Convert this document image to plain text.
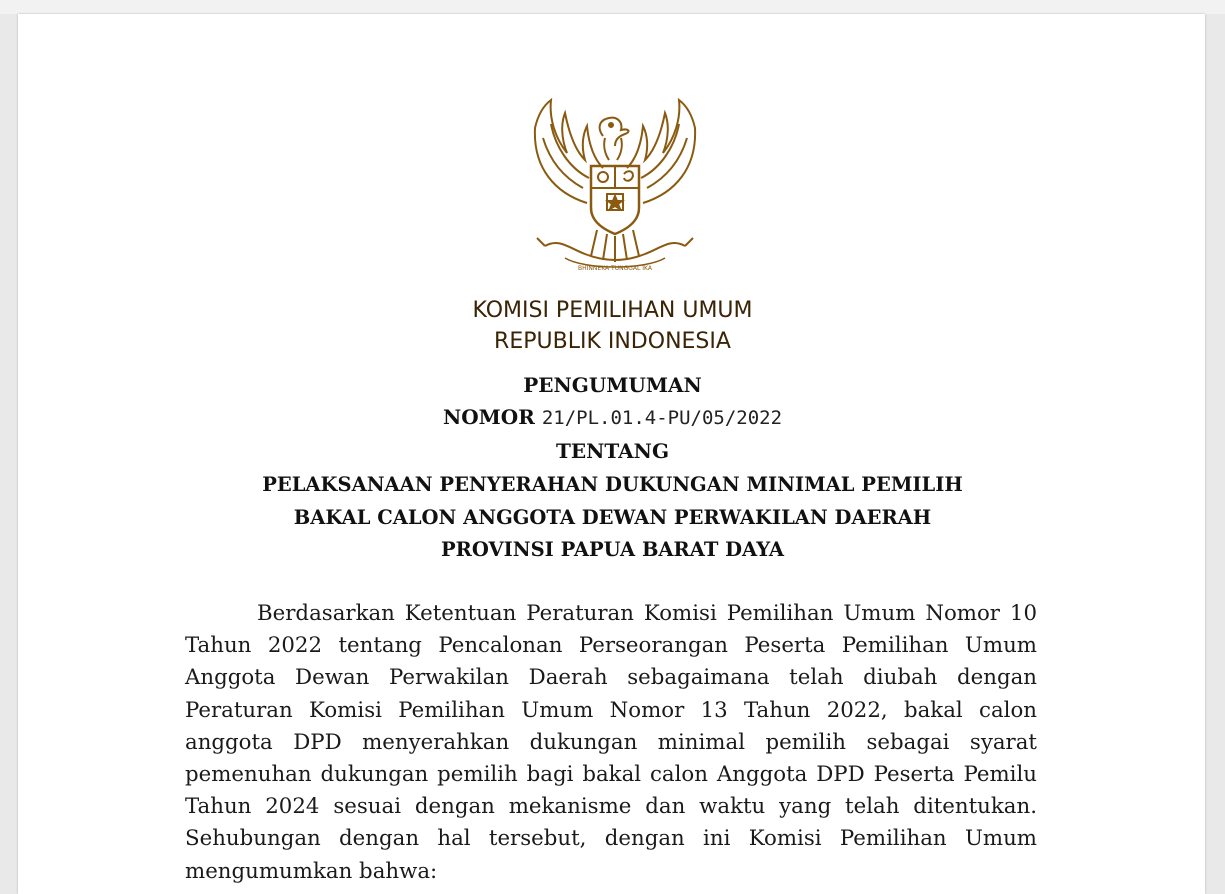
BHINNEKA TUNGGAL IKA
KOMISI PEMILIHAN UMUM
REPUBLIK INDONESIA
PENGUMUMAN
NOMOR 21/PL.01.4-PU/05/2022
TENTANG
PELAKSANAAN PENYERAHAN DUKUNGAN MINIMAL PEMILIH
BAKAL CALON ANGGOTA DEWAN PERWAKILAN DAERAH
PROVINSI PAPUA BARAT DAYA

Berdasarkan Ketentuan Peraturan Komisi Pemilihan Umum Nomor 10 Tahun 2022 tentang Pencalonan Perseorangan Peserta Pemilihan Umum Anggota Dewan Perwakilan Daerah sebagaimana telah diubah dengan Peraturan Komisi Pemilihan Umum Nomor 13 Tahun 2022, bakal calon anggota DPD menyerahkan dukungan minimal pemilih sebagai syarat pemenuhan dukungan pemilih bagi bakal calon Anggota DPD Peserta Pemilu Tahun 2024 sesuai dengan mekanisme dan waktu yang telah ditentukan. Sehubungan dengan hal tersebut, dengan ini Komisi Pemilihan Umum mengumumkan bahwa:
